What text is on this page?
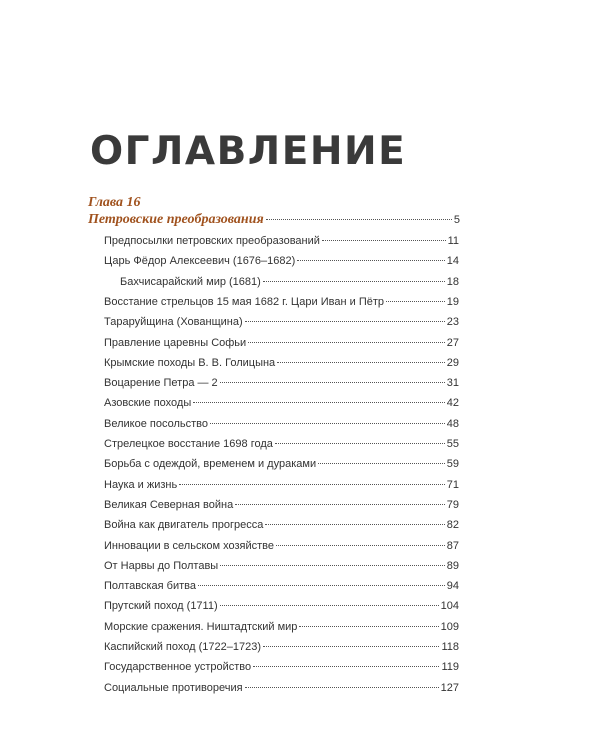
ОГЛАВЛЕНИЕ
Глава 16
Петровские преобразования	5
Предпосылки петровских преобразований	11
Царь Фёдор Алексеевич (1676–1682)	14
Бахчисарайский мир (1681)	18
Восстание стрельцов 15 мая 1682 г. Цари Иван и Пётр	19
Тараруйщина (Хованщина)	23
Правление царевны Софьи	27
Крымские походы В. В. Голицына	29
Воцарение Петра — 2	31
Азовские походы	42
Великое посольство	48
Стрелецкое восстание 1698 года	55
Борьба с одеждой, временем и дураками	59
Наука и жизнь	71
Великая Северная война	79
Война как двигатель прогресса	82
Инновации в сельском хозяйстве	87
От Нарвы до Полтавы	89
Полтавская битва	94
Прутский поход (1711)	104
Морские сражения. Ништадтский мир	109
Каспийский поход (1722–1723)	118
Государственное устройство	119
Социальные противоречия	127
